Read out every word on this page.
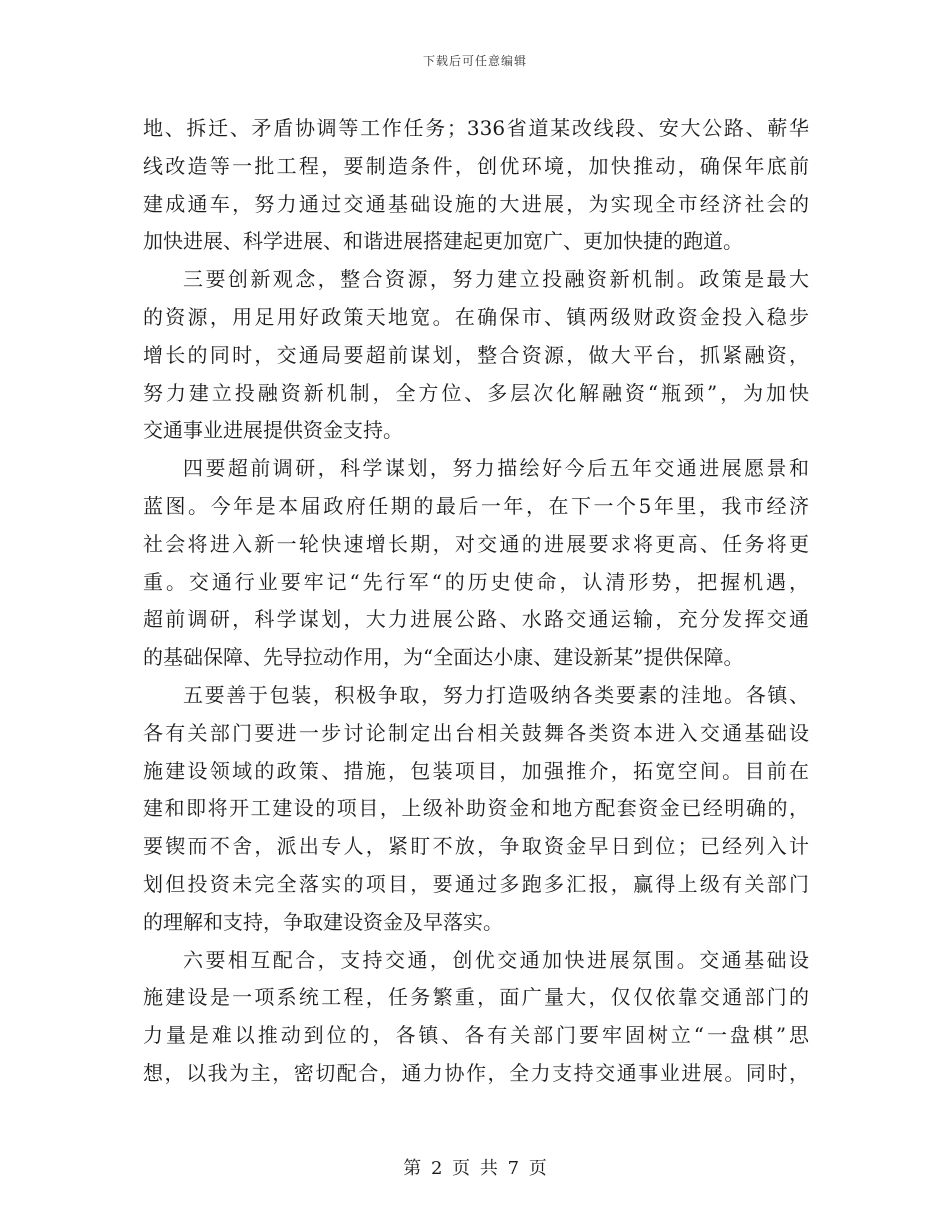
下载后可任意编辑
地、拆迁、矛盾协调等工作任务；336省道某改线段、安大公路、蕲华
线改造等一批工程，要制造条件，创优环境，加快推动，确保年底前
建成通车，努力通过交通基础设施的大进展，为实现全市经济社会的
加快进展、科学进展、和谐进展搭建起更加宽广、更加快捷的跑道。
三要创新观念，整合资源，努力建立投融资新机制。政策是最大
的资源，用足用好政策天地宽。在确保市、镇两级财政资金投入稳步
增长的同时，交通局要超前谋划，整合资源，做大平台，抓紧融资，
努力建立投融资新机制，全方位、多层次化解融资“瓶颈”，为加快
交通事业进展提供资金支持。
四要超前调研，科学谋划，努力描绘好今后五年交通进展愿景和
蓝图。今年是本届政府任期的最后一年，在下一个5年里，我市经济
社会将进入新一轮快速增长期，对交通的进展要求将更高、任务将更
重。交通行业要牢记“先行军“的历史使命，认清形势，把握机遇，
超前调研，科学谋划，大力进展公路、水路交通运输，充分发挥交通
的基础保障、先导拉动作用，为“全面达小康、建设新某”提供保障。
五要善于包装，积极争取，努力打造吸纳各类要素的洼地。各镇、
各有关部门要进一步讨论制定出台相关鼓舞各类资本进入交通基础设
施建设领域的政策、措施，包装项目，加强推介，拓宽空间。目前在
建和即将开工建设的项目，上级补助资金和地方配套资金已经明确的，
要锲而不舍，派出专人，紧盯不放，争取资金早日到位；已经列入计
划但投资未完全落实的项目，要通过多跑多汇报，赢得上级有关部门
的理解和支持，争取建设资金及早落实。
六要相互配合，支持交通，创优交通加快进展氛围。交通基础设
施建设是一项系统工程，任务繁重，面广量大，仅仅依靠交通部门的
力量是难以推动到位的，各镇、各有关部门要牢固树立“一盘棋”思
想，以我为主，密切配合，通力协作，全力支持交通事业进展。同时，
第 2 页 共 7 页
